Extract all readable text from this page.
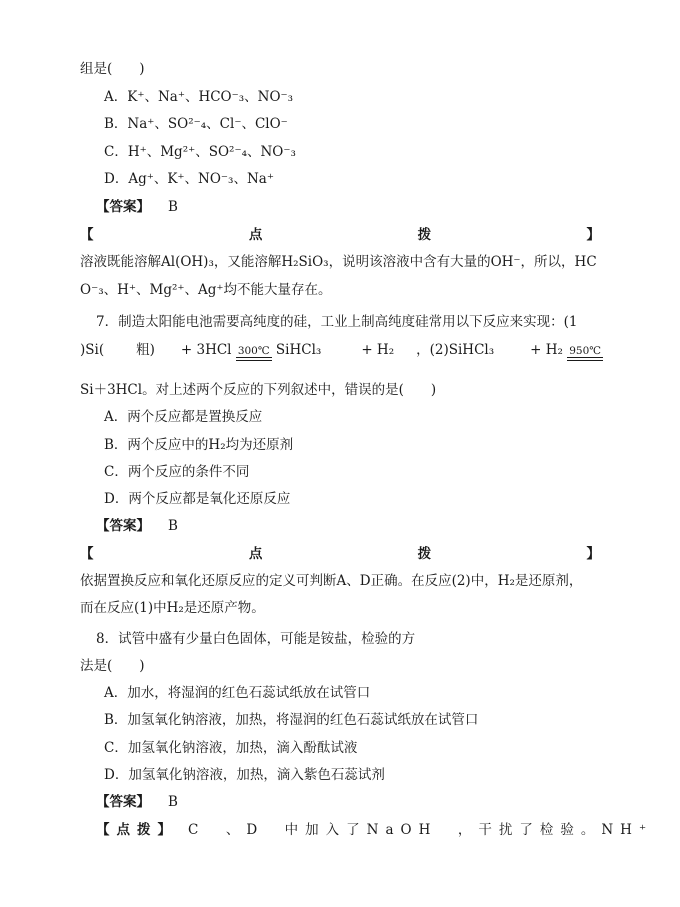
组是(　　)
A．K⁺、Na⁺、HCO⁻₃、NO⁻₃
B．Na⁺、SO²⁻₄、Cl⁻、ClO⁻
C．H⁺、Mg²⁺、SO²⁻₄、NO⁻₃
D．Ag⁺、K⁺、NO⁻₃、Na⁺
【答案】 B
【	点	拨	】
溶液既能溶解Al(OH)₃，又能溶解H₂SiO₃，说明该溶液中含有大量的OH⁻，所以，HC
O⁻₃、H⁺、Mg²⁺、Ag⁺均不能大量存在。
7．制造太阳能电池需要高纯度的硅，工业上制高纯度硅常用以下反应来实现：(1
)Si( 粗) + 3HCl 300℃ SiHCl₃	+ H₂ ，(2)SiHCl₃	+ H₂ 950℃
Si＋3HCl。对上述两个反应的下列叙述中，错误的是(　　)
A．两个反应都是置换反应
B．两个反应中的H₂均为还原剂
C．两个反应的条件不同
D．两个反应都是氧化还原反应
【答案】 B
【	点	拨	】
依据置换反应和氧化还原反应的定义可判断A、D正确。在反应(2)中，H₂是还原剂，
而在反应(1)中H₂是还原产物。
8．试管中盛有少量白色固体，可能是铵盐，检验的方
法是(　　)
A．加水，将湿润的红色石蕊试纸放在试管口
B．加氢氧化钠溶液，加热，将湿润的红色石蕊试纸放在试管口
C．加氢氧化钠溶液，加热，滴入酚酞试液
D．加氢氧化钠溶液，加热，滴入紫色石蕊试剂
【答案】 B
【点拨】 C　、D　中加入了NaOH　，干扰了检验。NH⁺
